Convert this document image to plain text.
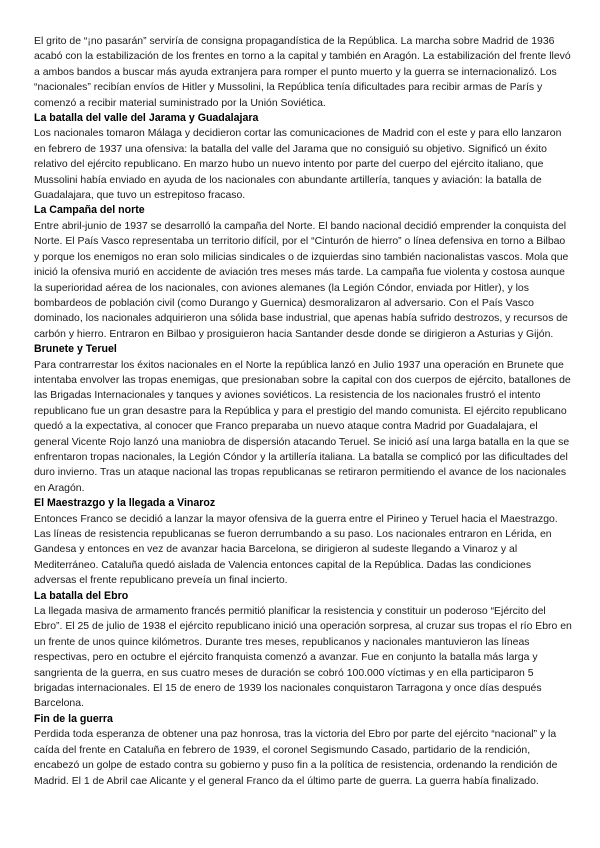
El grito de “¡no pasarán” serviría de consigna propagandística de la República. La marcha sobre Madrid de 1936 acabó con la estabilización de los frentes en torno a la capital y también en Aragón. La estabilización del frente llevó a ambos bandos a buscar más ayuda extranjera para romper el punto muerto y la guerra se internacionalizó. Los “nacionales” recibían envíos de Hitler y Mussolini, la República tenía dificultades para recibir armas de París y comenzó a recibir material suministrado por la Unión Soviética.

La batalla del valle del Jarama y Guadalajara

Los nacionales tomaron Málaga y decidieron cortar las comunicaciones de Madrid con el este y para ello lanzaron en febrero de 1937 una ofensiva: la batalla del valle del Jarama que no consiguió su objetivo. Significó un éxito relativo del ejército republicano. En marzo hubo un nuevo intento por parte del cuerpo del ejército italiano, que Mussolini había enviado en ayuda de los nacionales con abundante artillería, tanques y aviación: la batalla de Guadalajara, que tuvo un estrepitoso fracaso.

La Campaña del norte

Entre abril-junio de 1937 se desarrolló la campaña del Norte. El bando nacional decidió emprender la conquista del Norte. El País Vasco representaba un territorio difícil, por el “Cinturón de hierro” o línea defensiva en torno a Bilbao y porque los enemigos no eran solo milicias sindicales o de izquierdas sino también nacionalistas vascos. Mola que inició la ofensiva murió en accidente de aviación tres meses más tarde. La campaña fue violenta y costosa aunque la superioridad aérea de los nacionales, con aviones alemanes (la Legión Cóndor, enviada por Hitler), y los bombardeos de población civil (como Durango y Guernica) desmoralizaron al adversario. Con el País Vasco dominado, los nacionales adquirieron una sólida base industrial, que apenas había sufrido destrozos, y recursos de carbón y hierro. Entraron en Bilbao y prosiguieron hacia Santander desde donde se dirigieron a Asturias y Gijón.

Brunete y Teruel

Para contrarrestar los éxitos nacionales en el Norte la república lanzó en Julio 1937 una operación en Brunete que intentaba envolver las tropas enemigas, que presionaban sobre la capital con dos cuerpos de ejército, batallones de las Brigadas Internacionales y tanques y aviones soviéticos. La resistencia de los nacionales frustró el intento republicano fue un gran desastre para la República y para el prestigio del mando comunista. El ejército republicano quedó a la expectativa, al conocer que Franco preparaba un nuevo ataque contra Madrid por Guadalajara, el general Vicente Rojo lanzó una maniobra de dispersión atacando Teruel. Se inició así una larga batalla en la que se enfrentaron tropas nacionales, la Legión Cóndor y la artillería italiana. La batalla se complicó por las dificultades del duro invierno. Tras un ataque nacional las tropas republicanas se retiraron permitiendo el avance de los nacionales en Aragón.

El Maestrazgo y la llegada a Vinaroz

Entonces Franco se decidió a lanzar la mayor ofensiva de la guerra entre el Pirineo y Teruel hacia el Maestrazgo. Las líneas de resistencia republicanas se fueron derrumbando a su paso. Los nacionales entraron en Lérida, en Gandesa y entonces en vez de avanzar hacia Barcelona, se dirigieron al sudeste llegando a Vinaroz y al Mediterráneo. Cataluña quedó aislada de Valencia entonces capital de la República. Dadas las condiciones adversas el frente republicano preveía un final incierto.

La batalla del Ebro

La llegada masiva de armamento francés permitió planificar la resistencia y constituir un poderoso “Ejército del Ebro”. El 25 de julio de 1938 el ejército republicano inició una operación sorpresa, al cruzar sus tropas el río Ebro en un frente de unos quince kilómetros. Durante tres meses, republicanos y nacionales mantuvieron las líneas respectivas, pero en octubre el ejército franquista comenzó a avanzar. Fue en conjunto la batalla más larga y sangrienta de la guerra, en sus cuatro meses de duración se cobró 100.000 víctimas y en ella participaron 5 brigadas internacionales. El 15 de enero de 1939 los nacionales conquistaron Tarragona y once días después Barcelona.

Fin de la guerra

Perdida toda esperanza de obtener una paz honrosa, tras la victoria del Ebro por parte del ejército “nacional” y la caída del frente en Cataluña en febrero de 1939, el coronel Segismundo Casado, partidario de la rendición, encabezó un golpe de estado contra su gobierno y puso fin a la política de resistencia, ordenando la rendición de Madrid. El 1 de Abril cae Alicante y el general Franco da el último parte de guerra. La guerra había finalizado.
